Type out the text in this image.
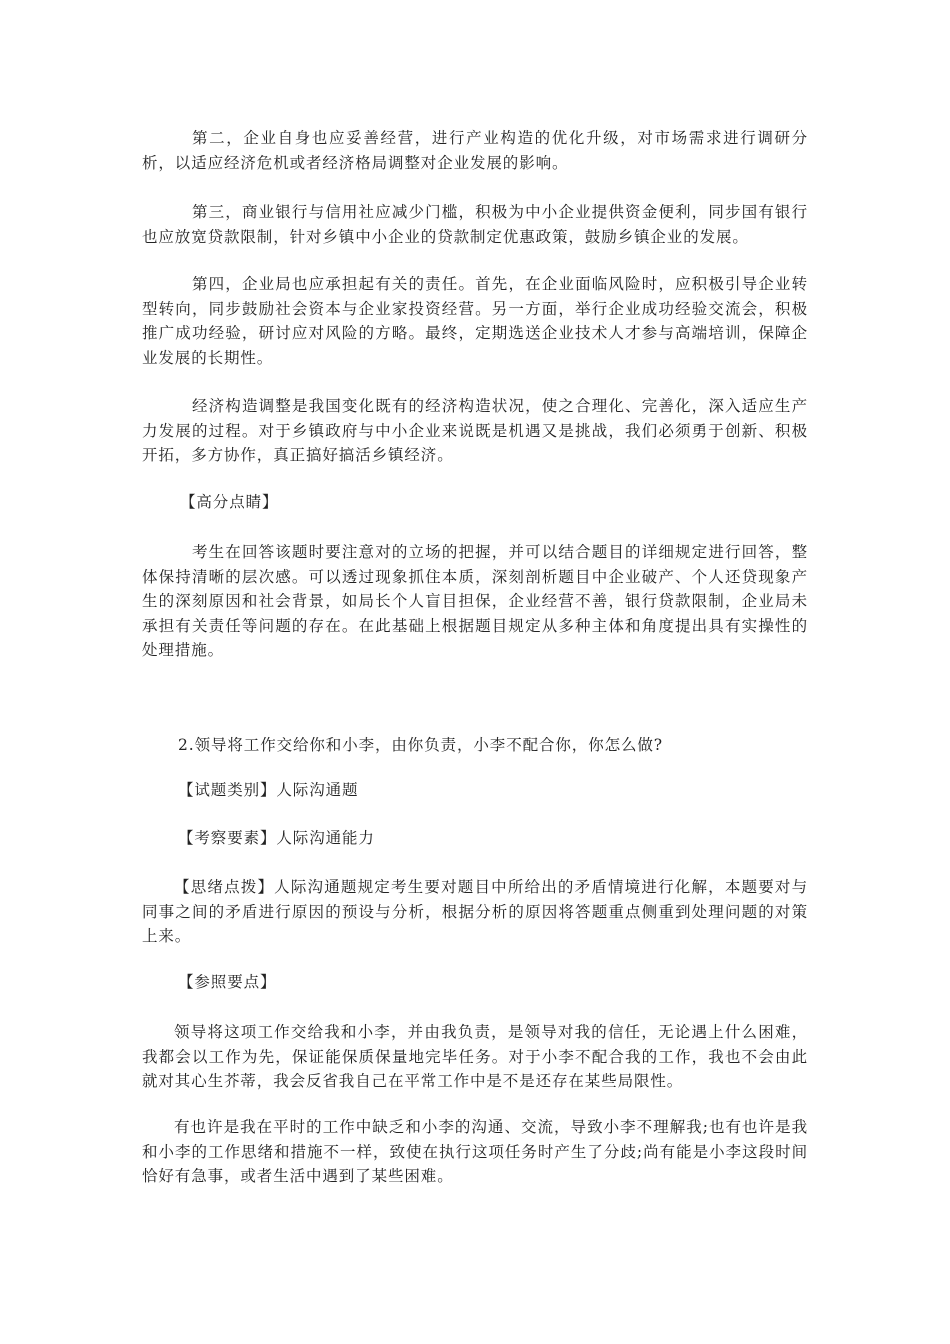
第二，企业自身也应妥善经营，进行产业构造的优化升级，对市场需求进行调研分析，以适应经济危机或者经济格局调整对企业发展的影响。

第三，商业银行与信用社应减少门槛，积极为中小企业提供资金便利，同步国有银行也应放宽贷款限制，针对乡镇中小企业的贷款制定优惠政策，鼓励乡镇企业的发展。

第四，企业局也应承担起有关的责任。首先，在企业面临风险时，应积极引导企业转型转向，同步鼓励社会资本与企业家投资经营。另一方面，举行企业成功经验交流会，积极推广成功经验，研讨应对风险的方略。最终，定期选送企业技术人才参与高端培训，保障企业发展的长期性。

经济构造调整是我国变化既有的经济构造状况，使之合理化、完善化，深入适应生产力发展的过程。对于乡镇政府与中小企业来说既是机遇又是挑战，我们必须勇于创新、积极开拓，多方协作，真正搞好搞活乡镇经济。

【高分点睛】

考生在回答该题时要注意对的立场的把握，并可以结合题目的详细规定进行回答，整体保持清晰的层次感。可以透过现象抓住本质，深刻剖析题目中企业破产、个人还贷现象产生的深刻原因和社会背景，如局长个人盲目担保，企业经营不善，银行贷款限制，企业局未承担有关责任等问题的存在。在此基础上根据题目规定从多种主体和角度提出具有实操性的处理措施。

2.领导将工作交给你和小李，由你负责，小李不配合你，你怎么做?

【试题类别】人际沟通题

【考察要素】人际沟通能力

【思绪点拨】人际沟通题规定考生要对题目中所给出的矛盾情境进行化解，本题要对与同事之间的矛盾进行原因的预设与分析，根据分析的原因将答题重点侧重到处理问题的对策上来。

【参照要点】

领导将这项工作交给我和小李，并由我负责，是领导对我的信任，无论遇上什么困难，我都会以工作为先，保证能保质保量地完毕任务。对于小李不配合我的工作，我也不会由此就对其心生芥蒂，我会反省我自己在平常工作中是不是还存在某些局限性。

有也许是我在平时的工作中缺乏和小李的沟通、交流，导致小李不理解我;也有也许是我和小李的工作思绪和措施不一样，致使在执行这项任务时产生了分歧;尚有能是小李这段时间恰好有急事，或者生活中遇到了某些困难。
